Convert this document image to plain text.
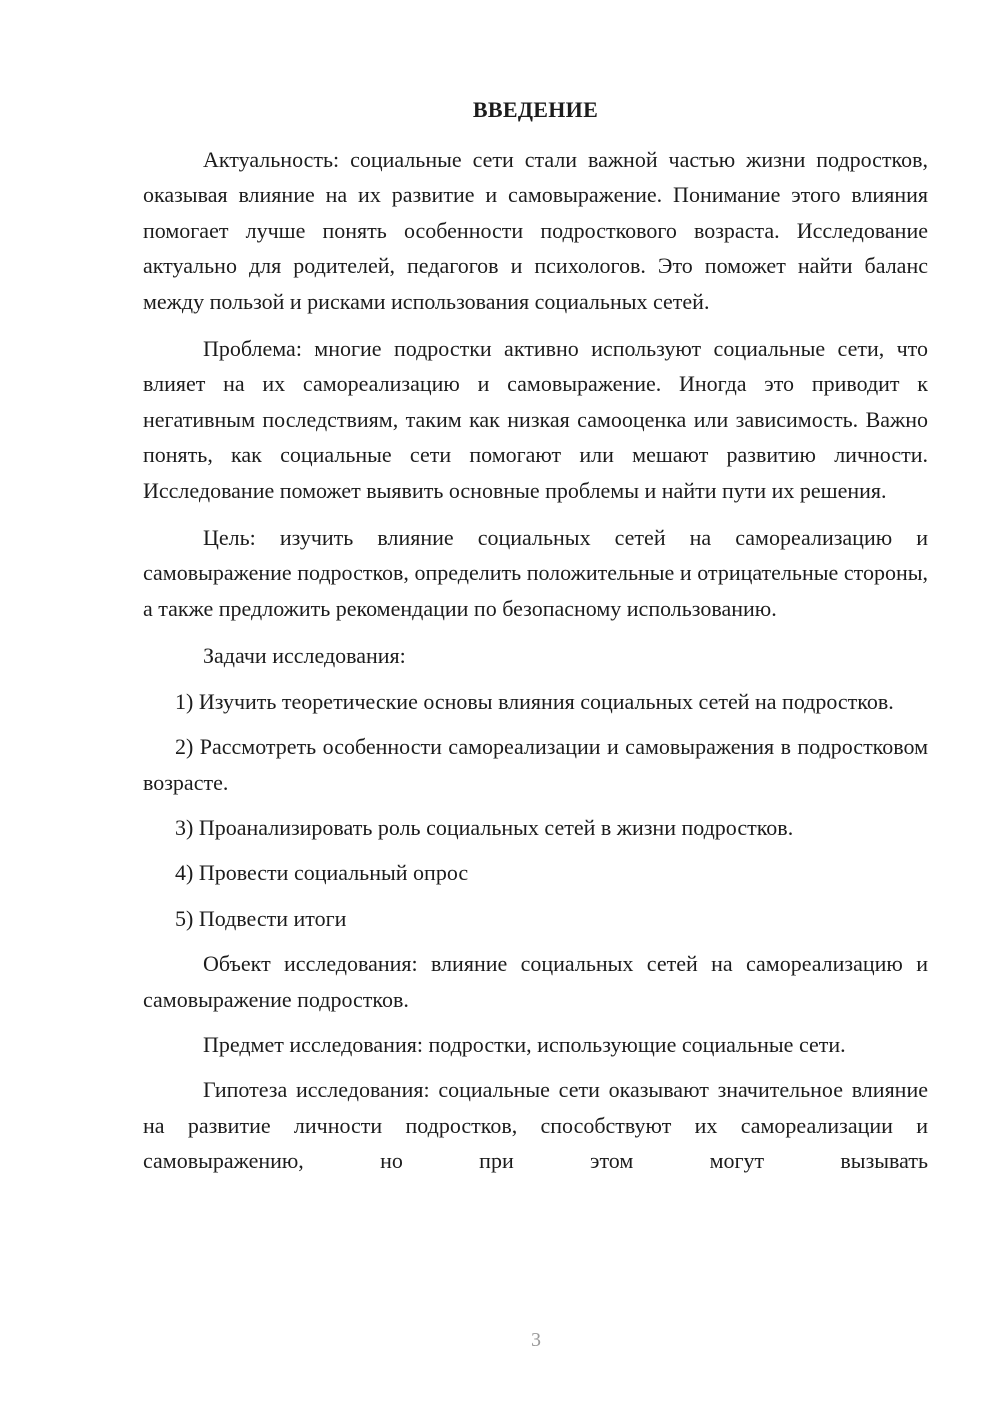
ВВЕДЕНИЕ

Актуальность: социальные сети стали важной частью жизни подростков, оказывая влияние на их развитие и самовыражение. Понимание этого влияния помогает лучше понять особенности подросткового возраста. Исследование актуально для родителей, педагогов и психологов. Это поможет найти баланс между пользой и рисками использования социальных сетей.

Проблема: многие подростки активно используют социальные сети, что влияет на их самореализацию и самовыражение. Иногда это приводит к негативным последствиям, таким как низкая самооценка или зависимость. Важно понять, как социальные сети помогают или мешают развитию личности. Исследование поможет выявить основные проблемы и найти пути их решения.

Цель: изучить влияние социальных сетей на самореализацию и самовыражение подростков, определить положительные и отрицательные стороны, а также предложить рекомендации по безопасному использованию.

Задачи исследования:

1) Изучить теоретические основы влияния социальных сетей на подростков.

2) Рассмотреть особенности самореализации и самовыражения в подростковом возрасте.

3) Проанализировать роль социальных сетей в жизни подростков.

4) Провести социальный опрос

5) Подвести итоги

Объект исследования: влияние социальных сетей на самореализацию и самовыражение подростков.

Предмет исследования: подростки, использующие социальные сети.

Гипотеза исследования: социальные сети оказывают значительное влияние на развитие личности подростков, способствуют их самореализации и самовыражению, но при этом могут вызывать

3
